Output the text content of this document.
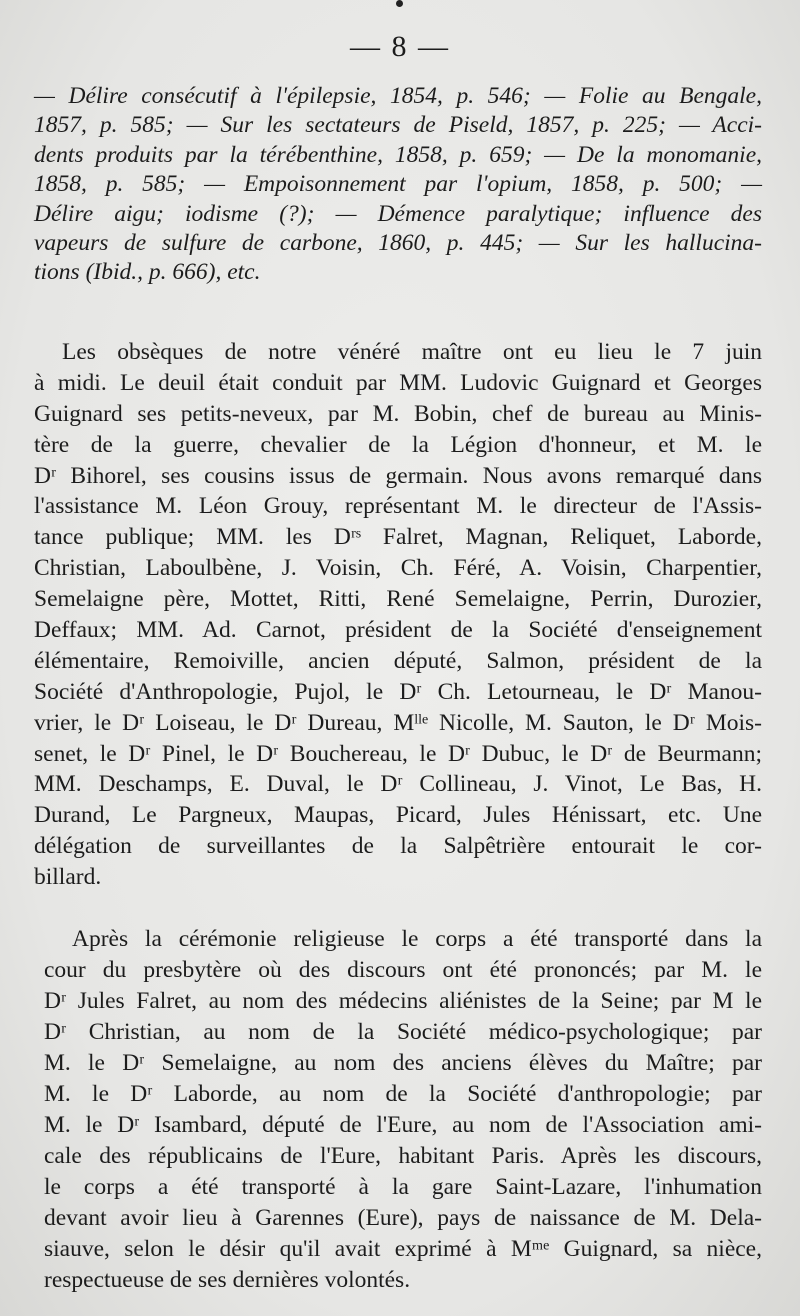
— 8 —
— Délire consécutif à l'épilepsie, 1854, p. 546; — Folie au Bengale,
1857, p. 585; — Sur les sectateurs de Piseld, 1857, p. 225; — Acci-
dents produits par la térébenthine, 1858, p. 659; — De la monomanie,
1858, p. 585; — Empoisonnement par l'opium, 1858, p. 500; —
Délire aigu; iodisme (?); — Démence paralytique; influence des
vapeurs de sulfure de carbone, 1860, p. 445; — Sur les hallucina-
tions (Ibid., p. 666), etc.
Les obsèques de notre vénéré maître ont eu lieu le 7 juin
à midi. Le deuil était conduit par MM. Ludovic Guignard et Georges
Guignard ses petits-neveux, par M. Bobin, chef de bureau au Minis-
tère de la guerre, chevalier de la Légion d'honneur, et M. le
Dʳ Bihorel, ses cousins issus de germain. Nous avons remarqué dans
l'assistance M. Léon Grouy, représentant M. le directeur de l'Assis-
tance publique; MM. les Dʳˢ Falret, Magnan, Reliquet, Laborde,
Christian, Laboulbène, J. Voisin, Ch. Féré, A. Voisin, Charpentier,
Semelaigne père, Mottet, Ritti, René Semelaigne, Perrin, Durozier,
Deffaux; MM. Ad. Carnot, président de la Société d'enseignement
élémentaire, Remoiville, ancien député, Salmon, président de la
Société d'Anthropologie, Pujol, le Dʳ Ch. Letourneau, le Dʳ Manou-
vrier, le Dʳ Loiseau, le Dʳ Dureau, Mˡˡᵉ Nicolle, M. Sauton, le Dʳ Mois-
senet, le Dʳ Pinel, le Dʳ Bouchereau, le Dʳ Dubuc, le Dʳ de Beurmann;
MM. Deschamps, E. Duval, le Dʳ Collineau, J. Vinot, Le Bas, H.
Durand, Le Pargneux, Maupas, Picard, Jules Hénissart, etc. Une
délégation de surveillantes de la Salpêtrière entourait le cor-
billard.
Après la cérémonie religieuse le corps a été transporté dans la
cour du presbytère où des discours ont été prononcés; par M. le
Dʳ Jules Falret, au nom des médecins aliénistes de la Seine; par M le
Dʳ Christian, au nom de la Société médico-psychologique; par
M. le Dʳ Semelaigne, au nom des anciens élèves du Maître; par
M. le Dʳ Laborde, au nom de la Société d'anthropologie; par
M. le Dʳ Isambard, député de l'Eure, au nom de l'Association ami-
cale des républicains de l'Eure, habitant Paris. Après les discours,
le corps a été transporté à la gare Saint-Lazare, l'inhumation
devant avoir lieu à Garennes (Eure), pays de naissance de M. Dela-
siauve, selon le désir qu'il avait exprimé à Mᵐᵉ Guignard, sa nièce,
respectueuse de ses dernières volontés.
